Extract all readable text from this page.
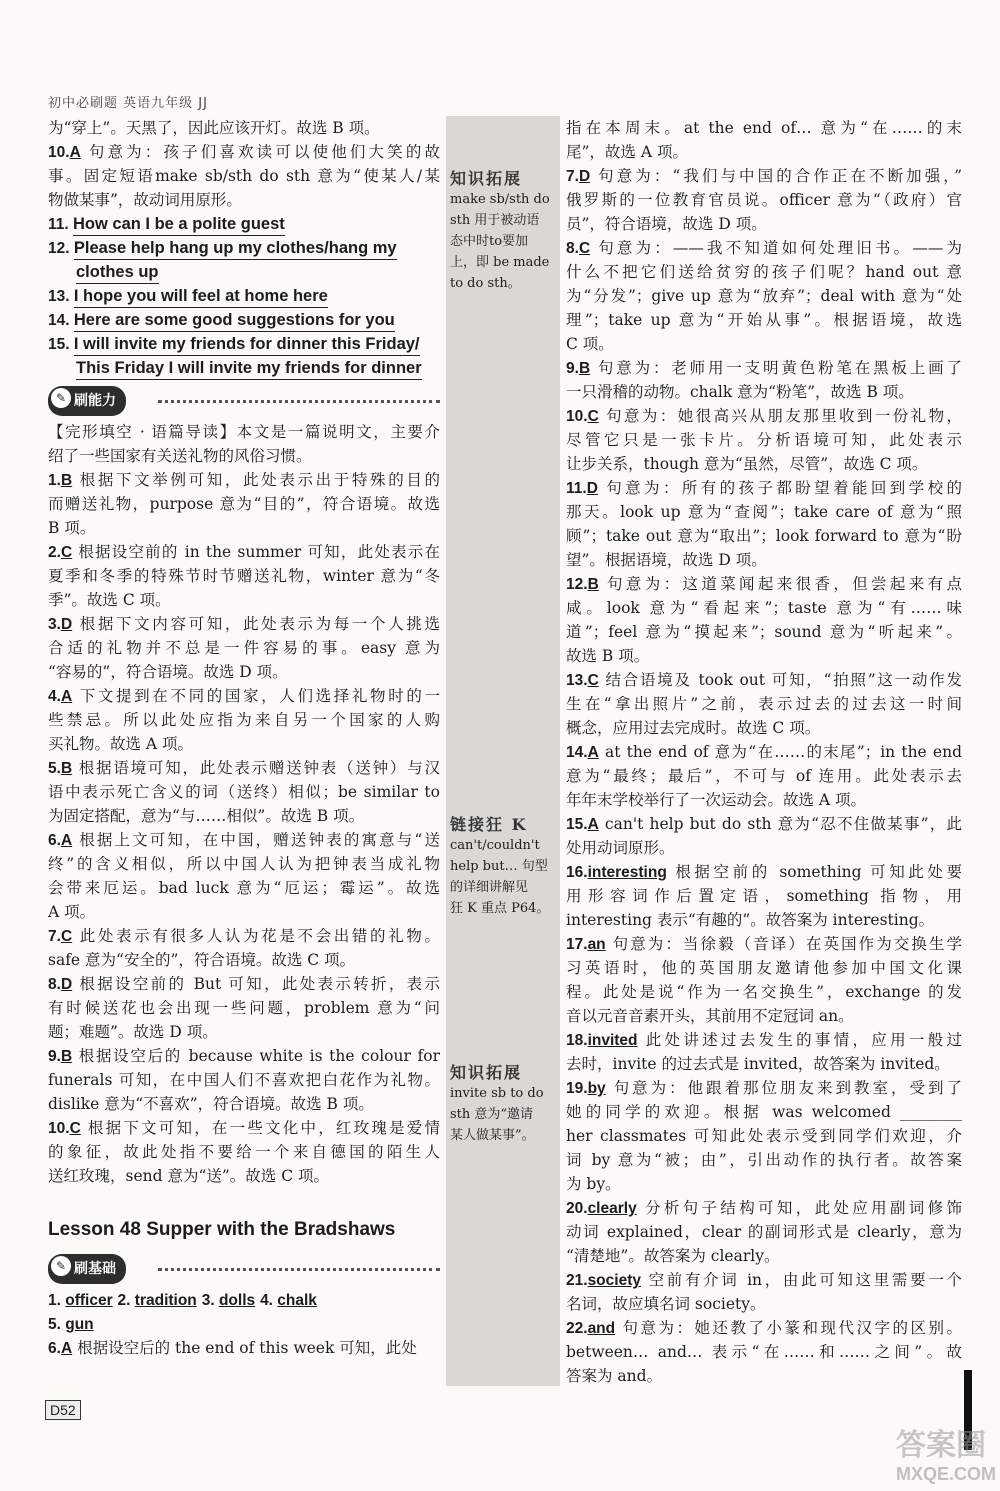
初中必刷题 英语九年级 JJ
为“穿上”。天黑了，因此应该开灯。故选 B 项。
10.A 句意为：孩子们喜欢读可以使他们大笑的故
事。固定短语make sb/sth do sth 意为“使某人/某
物做某事”，故动词用原形。
11. How can I be a polite guest
12. Please help hang up my clothes/hang my
clothes up
13. I hope you will feel at home here
14. Here are some good suggestions for you
15. I will invite my friends for dinner this Friday/
This Friday I will invite my friends for dinner
✎ 刷能力
【完形填空 · 语篇导读】本文是一篇说明文，主要介
绍了一些国家有关送礼物的风俗习惯。
1.B 根据下文举例可知，此处表示出于特殊的目的
而赠送礼物，purpose 意为“目的”，符合语境。故选
B 项。
2.C 根据设空前的 in the summer 可知，此处表示在
夏季和冬季的特殊节时节赠送礼物，winter 意为“冬
季”。故选 C 项。
3.D 根据下文内容可知，此处表示为每一个人挑选
合适的礼物并不总是一件容易的事。easy 意为
“容易的”，符合语境。故选 D 项。
4.A 下文提到在不同的国家，人们选择礼物时的一
些禁忌。所以此处应指为来自另一个国家的人购
买礼物。故选 A 项。
5.B 根据语境可知，此处表示赠送钟表（送钟）与汉
语中表示死亡含义的词（送终）相似；be similar to
为固定搭配，意为“与……相似”。故选 B 项。
6.A 根据上文可知，在中国，赠送钟表的寓意与“送
终”的含义相似，所以中国人认为把钟表当成礼物
会带来厄运。bad luck 意为“厄运；霉运”。故选
A 项。
7.C 此处表示有很多人认为花是不会出错的礼物。
safe 意为“安全的”，符合语境。故选 C 项。
8.D 根据设空前的 But 可知，此处表示转折，表示
有时候送花也会出现一些问题，problem 意为“问
题；难题”。故选 D 项。
9.B 根据设空后的 because white is the colour for
funerals 可知，在中国人们不喜欢把白花作为礼物。
dislike 意为“不喜欢”，符合语境。故选 B 项。
10.C 根据下文可知，在一些文化中，红玫瑰是爱情
的象征，故此处指不要给一个来自德国的陌生人
送红玫瑰，send 意为“送”。故选 C 项。
Lesson 48 Supper with the Bradshaws
✎ 刷基础
1. officer 2. tradition 3. dolls 4. chalk
5. gun
6.A 根据设空后的 the end of this week 可知，此处
指在本周末。at the end of… 意为“在……的末
尾”，故选 A 项。
7.D 句意为：“我们与中国的合作正在不断加强，”
俄罗斯的一位教育官员说。officer 意为“（政府）官
员”，符合语境，故选 D 项。
8.C 句意为：——我不知道如何处理旧书。——为
什么不把它们送给贫穷的孩子们呢？hand out 意
为“分发”；give up 意为“放弃”；deal with 意为“处
理”；take up 意为“开始从事”。根据语境，故选
C 项。
9.B 句意为：老师用一支明黄色粉笔在黑板上画了
一只滑稽的动物。chalk 意为“粉笔”，故选 B 项。
10.C 句意为：她很高兴从朋友那里收到一份礼物，
尽管它只是一张卡片。分析语境可知，此处表示
让步关系，though 意为“虽然，尽管”，故选 C 项。
11.D 句意为：所有的孩子都盼望着能回到学校的
那天。look up 意为“查阅”；take care of 意为“照
顾”；take out 意为“取出”；look forward to 意为“盼
望”。根据语境，故选 D 项。
12.B 句意为：这道菜闻起来很香，但尝起来有点
咸。look 意为“看起来”；taste 意为“有……味
道”；feel 意为“摸起来”；sound 意为“听起来”。
故选 B 项。
13.C 结合语境及 took out 可知，“拍照”这一动作发
生在“拿出照片”之前，表示过去的过去这一时间
概念，应用过去完成时。故选 C 项。
14.A at the end of 意为“在……的末尾”；in the end
意为“最终；最后”，不可与 of 连用。此处表示去
年年末学校举行了一次运动会。故选 A 项。
15.A can't help but do sth 意为“忍不住做某事”，此
处用动词原形。
16.interesting 根据空前的 something 可知此处要
用形容词作后置定语，something 指物，用
interesting 表示“有趣的”。故答案为 interesting。
17.an 句意为：当徐毅（音译）在英国作为交换生学
习英语时，他的英国朋友邀请他参加中国文化课
程。此处是说“作为一名交换生”，exchange 的发
音以元音音素开头，其前用不定冠词 an。
18.invited 此处讲述过去发生的事情，应用一般过
去时，invite 的过去式是 invited，故答案为 invited。
19.by 句意为：他跟着那位朋友来到教室，受到了
她的同学的欢迎。根据 was welcomed ________
her classmates 可知此处表示受到同学们欢迎，介
词 by 意为“被；由”，引出动作的执行者。故答案
为 by。
20.clearly 分析句子结构可知，此处应用副词修饰
动词 explained，clear 的副词形式是 clearly，意为
“清楚地”。故答案为 clearly。
21.society 空前有介词 in，由此可知这里需要一个
名词，故应填名词 society。
22.and 句意为：她还教了小篆和现代汉字的区别。
between… and… 表示“在……和……之间”。故
答案为 and。
知识拓展
make sb/sth do
sth 用于被动语
态中时to要加
上，即 be made
to do sth。
链接狂 K
can't/couldn't
help but… 句型
的详细讲解见
狂 K 重点 P64。
知识拓展
invite sb to do
sth 意为“邀请
某人做某事”。
D52
答案圈
MXQE.COM
